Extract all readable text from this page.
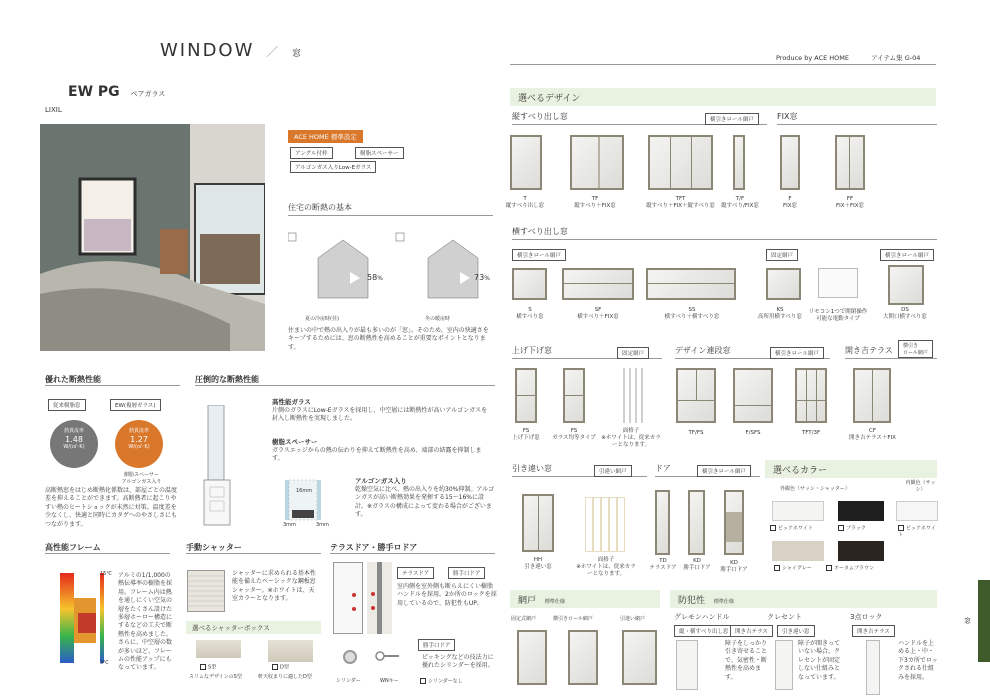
WINDOW ／ 窓	Produce by ACE HOME	アイテム集 G-04
EW PG ペアガラス
LIXIL
ACE HOME 標準設定
アングル付枠	樹脂スペーサー
アルゴンガス入りLow-Eガラス
住宅の断熱の基本
58%	73%
夏の冷房時(昼)	冬の暖房時
住まいの中で熱の出入りが最も多いのが「窓」。そのため、室内の快適さをキープするためには、窓の断熱性を高めることが重要なポイントとなります。
優れた断熱性能
従来樹脂窓	EW(複層ガラス)
熱貫流率
1.48
W/(㎡･K)
熱貫流率
1.27
W/(㎡･K)
樹脂スペーサー
アルゴンガス入り
高断熱窓をはじめ断熱化係数は、部屋ごとの温度差を抑えることができます。高断熱者に起こりやすい熱のヒートショックが未然に対策。温度差を少なくし、快適と同時にカタゲへのやさしさにもつながります。
圧倒的な断熱性能
高性能ガラス
片側のガラスにLow-Eガラスを採用し、中空層には断熱性が高いアルゴンガスを封入し断熱性を実現しました。
樹脂スペーサー
ガラスエッジからの熱の伝わりを抑えて断熱性を高め、端部の結露を抑制します。
16mm
3mm	3mm
アルゴンガス入り
乾燥空気に比べ、熱の出入りを約30%抑制。アルゴンガスが高い断熱効果を発揮する15〜16%に設計。※ガラスの構成によって変わる場合がございます。
高性能フレーム
15℃
3℃
アルミの1/1,000の熱伝導率の樹脂を採用。フレーム内は熱を通しにくい空気の層をたくさん設けた多層ホーロー構造にするなどの工夫で断熱性を高めました。さらに、中空層の数が多いほど、フレームの性能アップにもなっています。
手動シャッター
シャッターに求められる基本性能を備えたベーシックな鋼板窓シャッター。※ホワイトは、天室カラーとなります。
選べるシャッターボックス
S型	D型
スリムなデザインのS型	軒天収まりに適したD型
テラスドア・勝手ロドア
テラスドア	勝手口ドア
室内側を室外側も断らえにくい樹脂ハンドルを採用。2か所のロックを採用しているので、防犯性もUP。
勝手口ドア
ピッキングなどの技法力に優れたシリンダーを採用。
シリンダー	WNキー	シリンダーなし
選べるデザイン
縦すべり出し窓	横引きロール網戸
T
縦すべり出し窓
TF
縦すべり＋FIX窓
TFT
縦すべり＋FIX＋縦すべり窓
T/F
縦すべり/FIX窓
FIX窓
F
FIX窓
FF
FIX＋FIX窓
横すべり出し窓
横引きロール網戸	固定網戸	横引きロール網戸
S
横すべり窓
SF
横すべり＋FIX窓
SS
横すべり＋横すべり窓
KS
高所用横すべり窓
リモコン1つで開閉操作可能な電動タイプ
DS
大開口横すべり窓
上げ下げ窓	固定網戸
FS
上げ下げ窓
FS
ガラス均等タイプ
面格子
※ホワイトは、従来カラーとなります。
デザイン連段窓	横引きロール網戸
TF/FS	F/SFS	TFT/3F
開き吉テラス	横引き
ロール網戸
CF
開き吉テラス＋FIX
引き違い窓	引違い網戸
HH
引き違い窓
面格子
※ホワイトは、従来カラーとなります。
ドア	横引きロール網戸
TD
テラスドア
KD
勝手口ドア
KD
勝手口ドア
選べるカラー
外観色（サッシ・シャッター）
内観色（サッシ）
ピュアホワイト	ブラック
シャイグレー	オータムブラウン
ピュアホワイト
網戸 標準仕様
固定式網戸	横引きロール網戸	引違い網戸
防犯性 標準仕様
グレモンハンドル
縦・横すべり出し窓	開き吉テラス
障子をしっかり引き寄せることで、気密性・断熱性を高めます。
クレセント
引き違い窓
障子が開きっていない場合、クレセントが固定しない仕組みとなっています。
3点ロック
開き吉テラス
ハンドルを上める上・中・下3カ所でロックされる仕組みを採用。
窓
